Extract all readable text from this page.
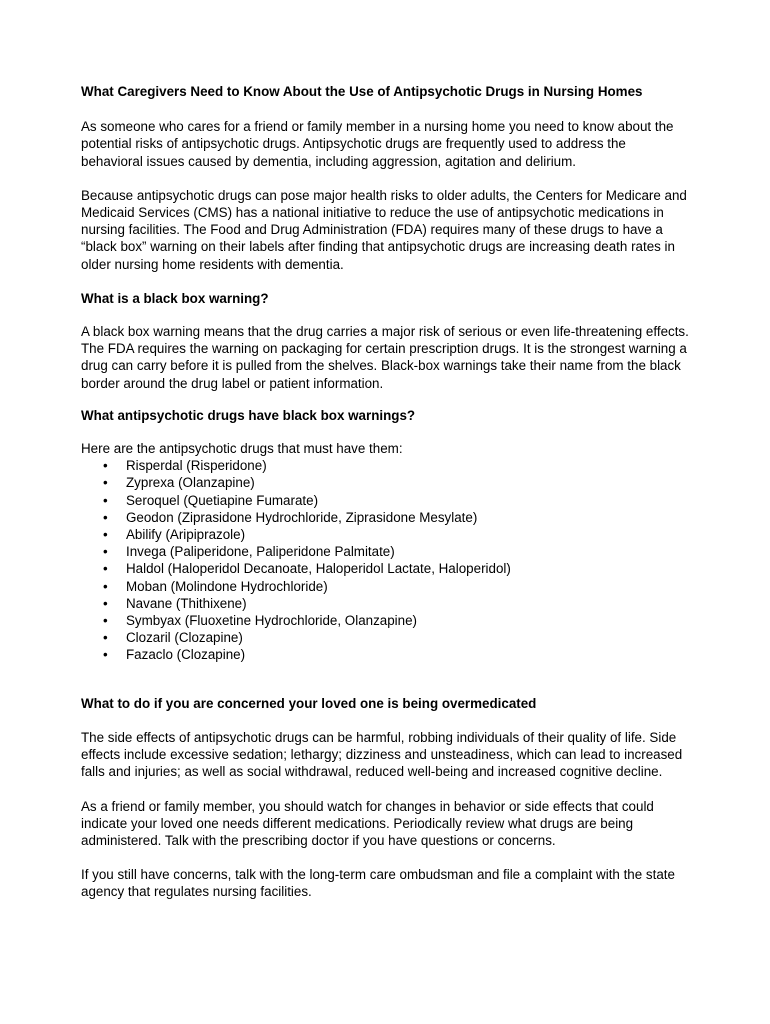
What Caregivers Need to Know About the Use of Antipsychotic Drugs in Nursing Homes

As someone who cares for a friend or family member in a nursing home you need to know about the potential risks of antipsychotic drugs. Antipsychotic drugs are frequently used to address the behavioral issues caused by dementia, including aggression, agitation and delirium.

Because antipsychotic drugs can pose major health risks to older adults, the Centers for Medicare and Medicaid Services (CMS) has a national initiative to reduce the use of antipsychotic medications in nursing facilities. The Food and Drug Administration (FDA) requires many of these drugs to have a “black box” warning on their labels after finding that antipsychotic drugs are increasing death rates in older nursing home residents with dementia.

What is a black box warning?

A black box warning means that the drug carries a major risk of serious or even life-threatening effects. The FDA requires the warning on packaging for certain prescription drugs. It is the strongest warning a drug can carry before it is pulled from the shelves. Black-box warnings take their name from the black border around the drug label or patient information.

What antipsychotic drugs have black box warnings?

Here are the antipsychotic drugs that must have them:

• Risperdal (Risperidone)
• Zyprexa (Olanzapine)
• Seroquel (Quetiapine Fumarate)
• Geodon (Ziprasidone Hydrochloride, Ziprasidone Mesylate)
• Abilify (Aripiprazole)
• Invega (Paliperidone, Paliperidone Palmitate)
• Haldol (Haloperidol Decanoate, Haloperidol Lactate, Haloperidol)
• Moban (Molindone Hydrochloride)
• Navane (Thithixene)
• Symbyax (Fluoxetine Hydrochloride, Olanzapine)
• Clozaril (Clozapine)
• Fazaclo (Clozapine)
What to do if you are concerned your loved one is being overmedicated

The side effects of antipsychotic drugs can be harmful, robbing individuals of their quality of life. Side effects include excessive sedation; lethargy; dizziness and unsteadiness, which can lead to increased falls and injuries; as well as social withdrawal, reduced well-being and increased cognitive decline.

As a friend or family member, you should watch for changes in behavior or side effects that could indicate your loved one needs different medications. Periodically review what drugs are being administered. Talk with the prescribing doctor if you have questions or concerns.

If you still have concerns, talk with the long-term care ombudsman and file a complaint with the state agency that regulates nursing facilities.
